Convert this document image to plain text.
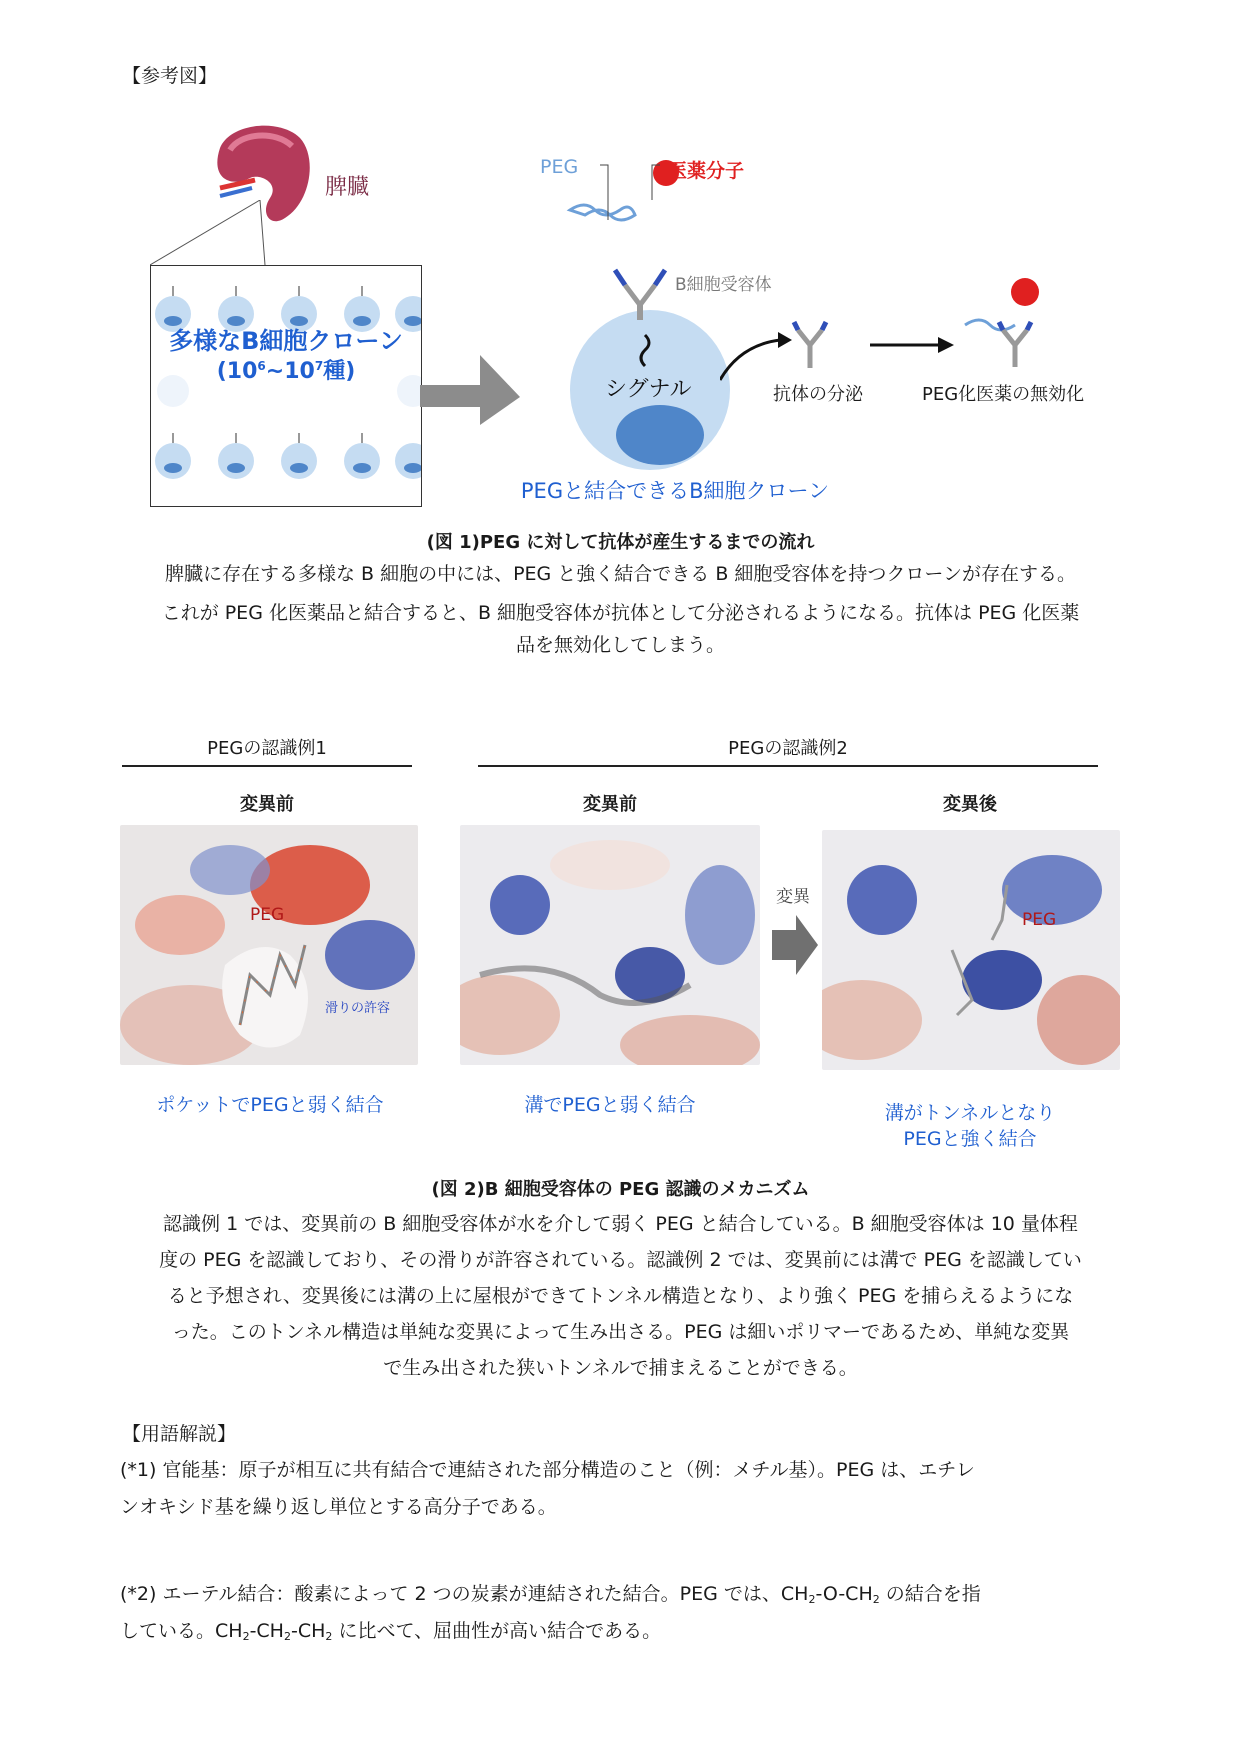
【参考図】
脾臓
多様なB細胞クローン
($10^6\sim 10^7$種)
PEG	医薬分子
B細胞受容体
シグナル
PEGと結合できるB細胞クローン
抗体の分泌	PEG化医薬の無効化
(図 1)PEG に対して抗体が産生するまでの流れ
脾臓に存在する多様な B 細胞の中には、PEG と強く結合できる B 細胞受容体を持つクローンが存在する。
これが PEG 化医薬品と結合すると、B 細胞受容体が抗体として分泌されるようになる。抗体は PEG 化医薬
品を無効化してしまう。
PEGの認識例1	PEGの認識例2
変異前	変異前	変異後
PEG
滑りの許容
変異
PEG
ポケットでPEGと弱く結合	溝でPEGと弱く結合	溝がトンネルとなり
PEGと強く結合
(図 2)B 細胞受容体の PEG 認識のメカニズム
認識例 1 では、変異前の B 細胞受容体が水を介して弱く PEG と結合している。B 細胞受容体は 10 量体程
度の PEG を認識しており、その滑りが許容されている。認識例 2 では、変異前には溝で PEG を認識してい
ると予想され、変異後には溝の上に屋根ができてトンネル構造となり、より強く PEG を捕らえるようにな
った。このトンネル構造は単純な変異によって生み出さる。PEG は細いポリマーであるため、単純な変異
で生み出された狭いトンネルで捕まえることができる。
【用語解説】
(*1) 官能基：原子が相互に共有結合で連結された部分構造のこと（例：メチル基）。PEG は、エチレ
ンオキシド基を繰り返し単位とする高分子である。
(*2) エーテル結合：酸素によって 2 つの炭素が連結された結合。PEG では、$CH_2-O-CH_2$ の結合を指
している。$CH_2-CH_2-CH_2$ に比べて、屈曲性が高い結合である。
